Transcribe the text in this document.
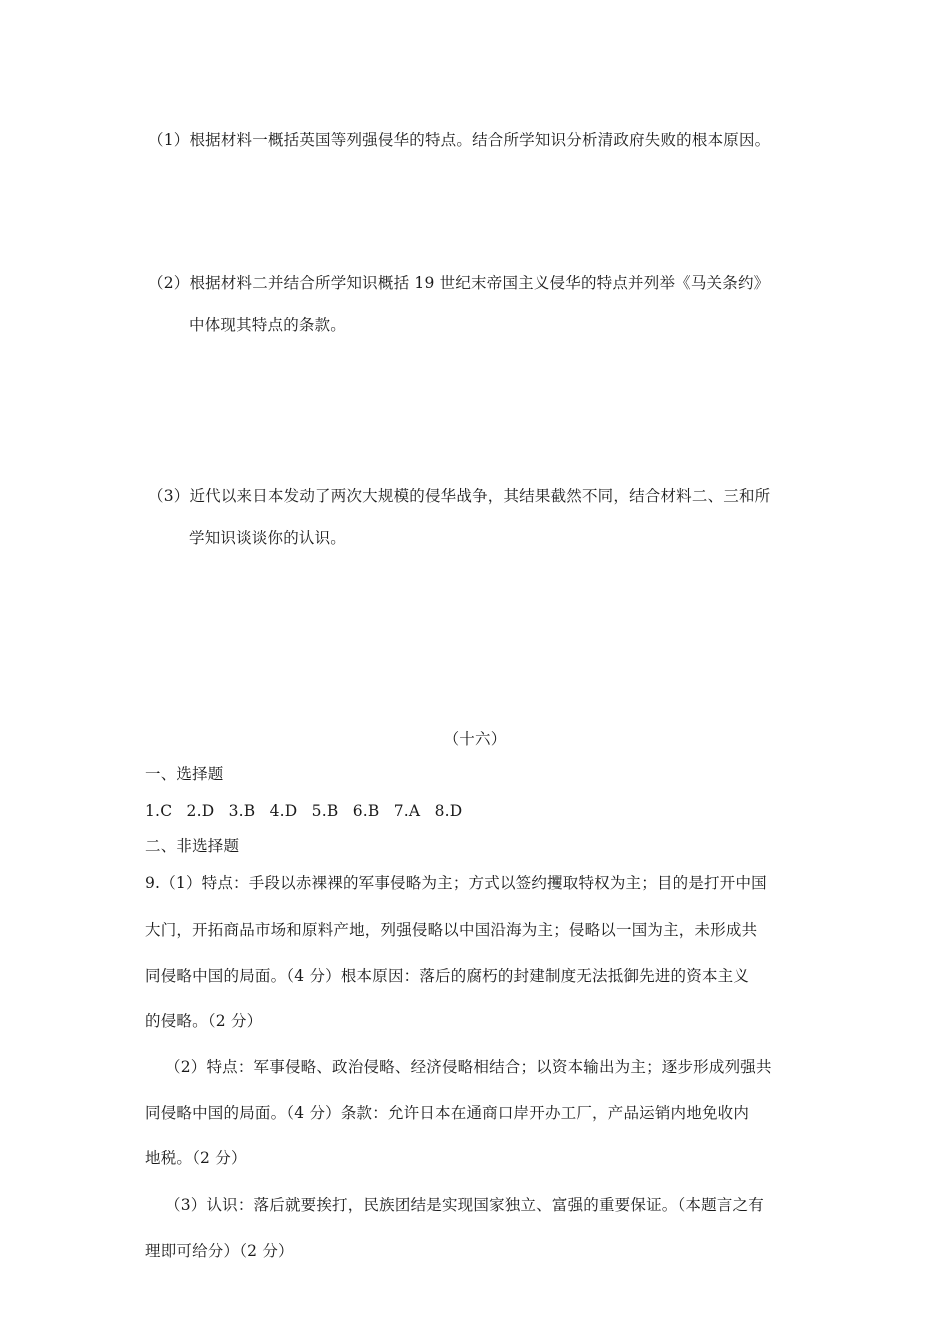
（1）根据材料一概括英国等列强侵华的特点。结合所学知识分析清政府失败的根本原因。
（2）根据材料二并结合所学知识概括 19 世纪末帝国主义侵华的特点并列举《马关条约》
中体现其特点的条款。
（3）近代以来日本发动了两次大规模的侵华战争，其结果截然不同，结合材料二、三和所
学知识谈谈你的认识。
（十六）
一、选择题
1.C  2.D  3.B  4.D  5.B  6.B  7.A  8.D
二、非选择题
9.（1）特点：手段以赤裸裸的军事侵略为主；方式以签约攫取特权为主；目的是打开中国
大门，开拓商品市场和原料产地，列强侵略以中国沿海为主；侵略以一国为主，未形成共
同侵略中国的局面。（4 分）根本原因：落后的腐朽的封建制度无法抵御先进的资本主义
的侵略。（2 分）
（2）特点：军事侵略、政治侵略、经济侵略相结合；以资本输出为主；逐步形成列强共
同侵略中国的局面。（4 分）条款：允许日本在通商口岸开办工厂，产品运销内地免收内
地税。（2 分）
（3）认识：落后就要挨打，民族团结是实现国家独立、富强的重要保证。（本题言之有
理即可给分）（2 分）
